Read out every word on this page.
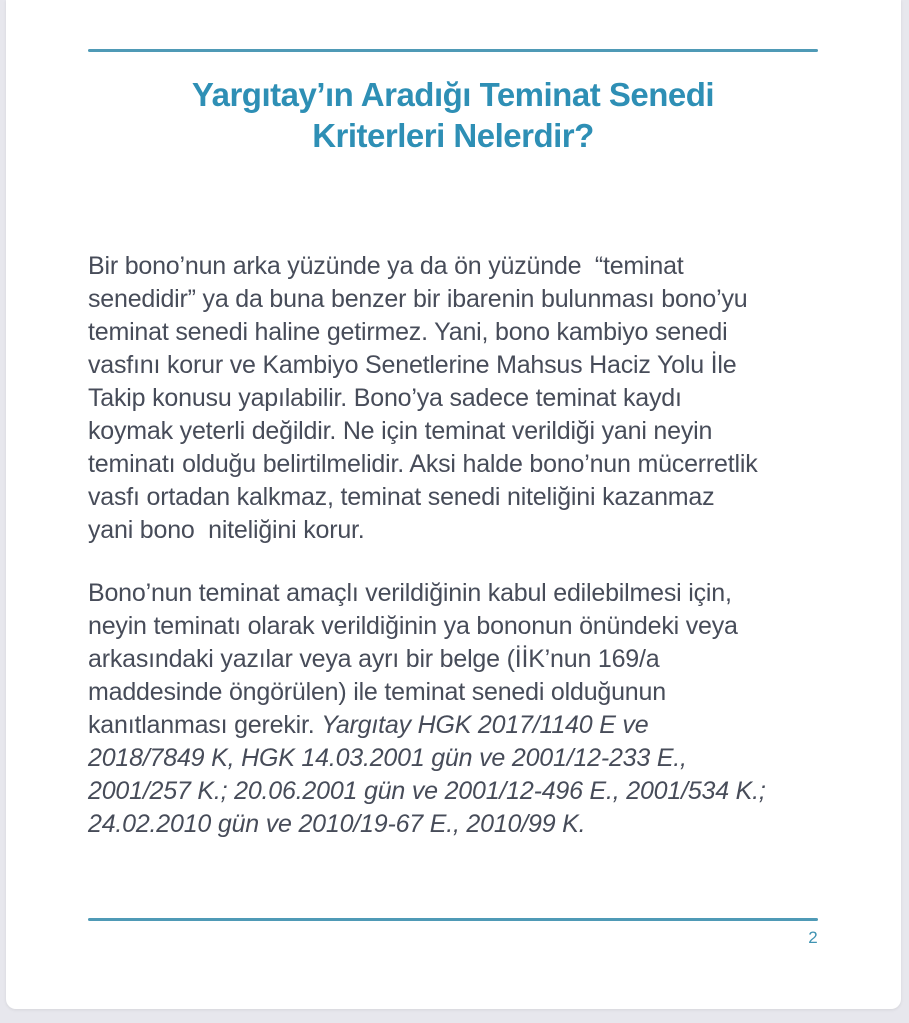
Yargıtay’ın Aradığı Teminat Senedi
Kriterleri Nelerdir?
Bir bono’nun arka yüzünde ya da ön yüzünde  “teminat
senedidir” ya da buna benzer bir ibarenin bulunması bono’yu
teminat senedi haline getirmez. Yani, bono kambiyo senedi
vasfını korur ve Kambiyo Senetlerine Mahsus Haciz Yolu İle
Takip konusu yapılabilir. Bono’ya sadece teminat kaydı
koymak yeterli değildir. Ne için teminat verildiği yani neyin
teminatı olduğu belirtilmelidir. Aksi halde bono’nun mücerretlik
vasfı ortadan kalkmaz, teminat senedi niteliğini kazanmaz
yani bono  niteliğini korur.
Bono’nun teminat amaçlı verildiğinin kabul edilebilmesi için,
neyin teminatı olarak verildiğinin ya bononun önündeki veya
arkasındaki yazılar veya ayrı bir belge (İİK’nun 169/a
maddesinde öngörülen) ile teminat senedi olduğunun
kanıtlanması gerekir. Yargıtay HGK 2017/1140 E ve
2018/7849 K, HGK 14.03.2001 gün ve 2001/12-233 E.,
2001/257 K.; 20.06.2001 gün ve 2001/12-496 E., 2001/534 K.;
24.02.2010 gün ve 2010/19-67 E., 2010/99 K.
2
